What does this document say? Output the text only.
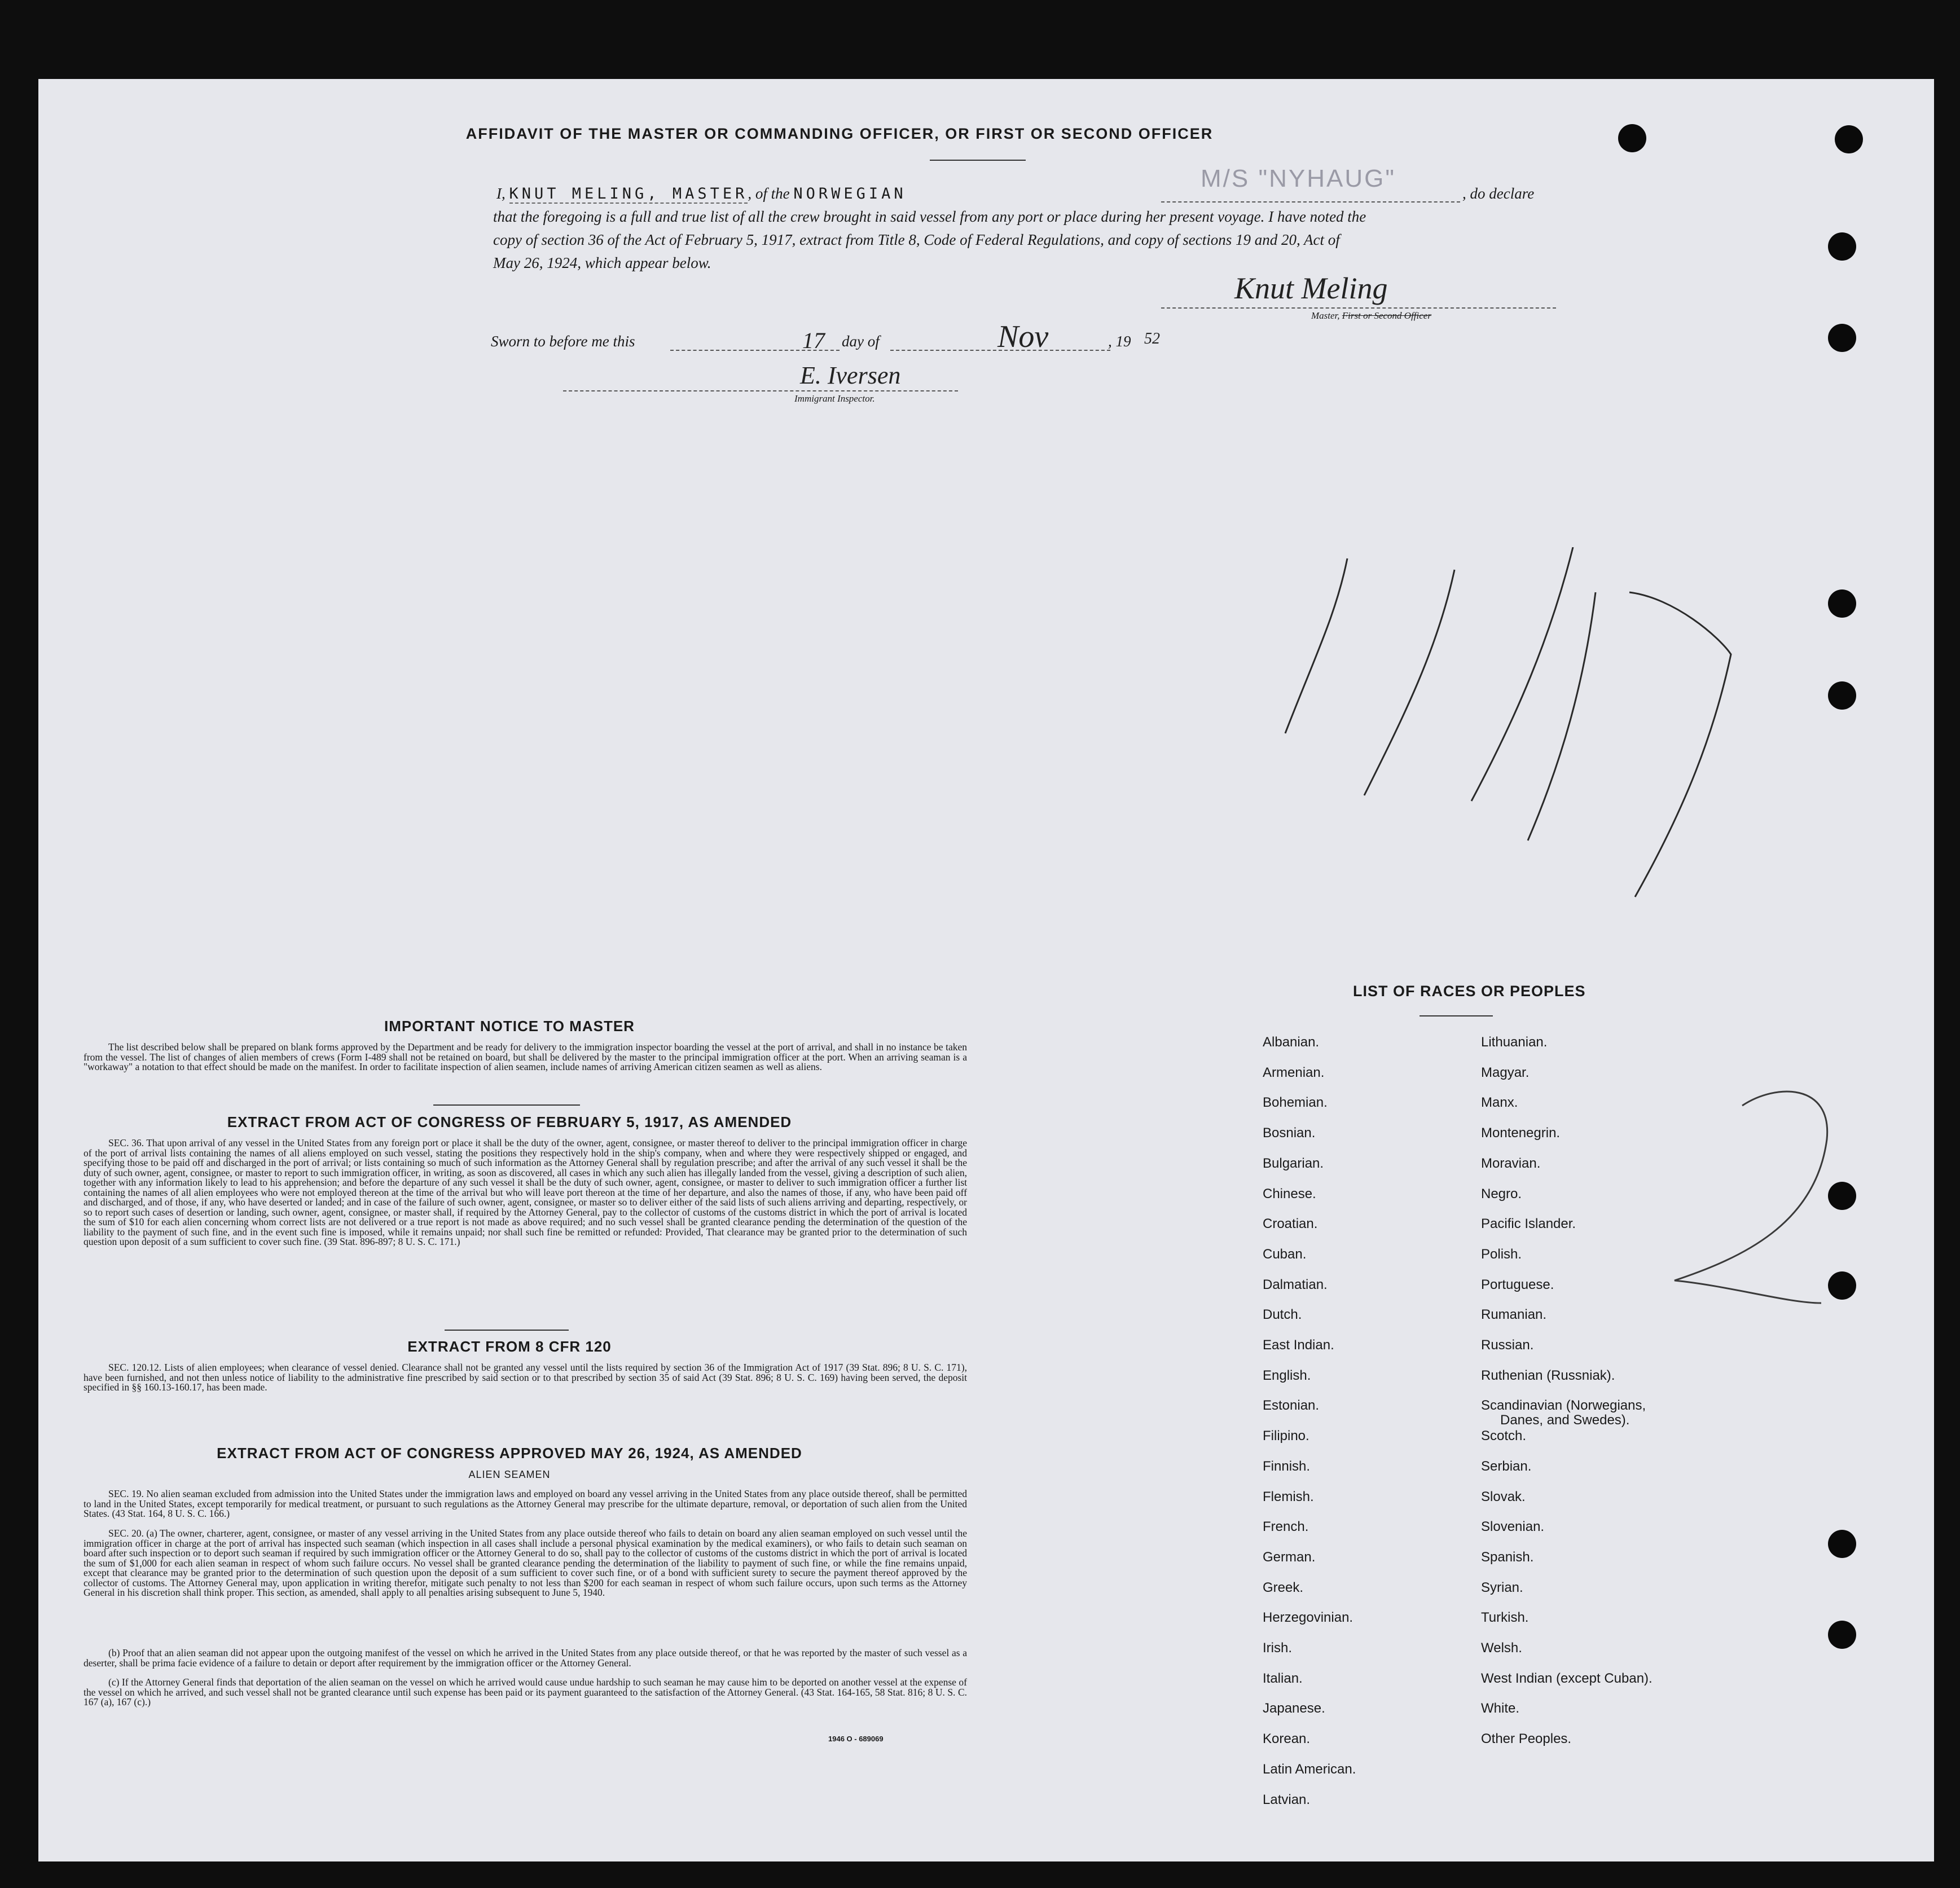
AFFIDAVIT OF THE MASTER OR COMMANDING OFFICER, OR FIRST OR SECOND OFFICER
I, KNUT MELING, MASTER, of the NORWEGIAN
M/S "NYHAUG"
, do declare
that the foregoing is a full and true list of all the crew brought in said vessel from any port or place during her present voyage. I have noted the
copy of section 36 of the Act of February 5, 1917, extract from Title 8, Code of Federal Regulations, and copy of sections 19 and 20, Act of
May 26, 1924, which appear below.
Knut Meling
Master, First or Second Officer
Sworn to before me this	17 day of	Nov	, 19 52
E. Iversen
Immigrant Inspector.
2
IMPORTANT NOTICE TO MASTER
The list described below shall be prepared on blank forms approved by the Department and be ready for delivery to the immigration inspector boarding the vessel at the port of arrival, and shall in no instance be taken from the vessel. The list of changes of alien members of crews (Form I-489 shall not be retained on board, but shall be delivered by the master to the principal immigration officer at the port. When an arriving seaman is a "workaway" a notation to that effect should be made on the manifest. In order to facilitate inspection of alien seamen, include names of arriving American citizen seamen as well as aliens.
EXTRACT FROM ACT OF CONGRESS OF FEBRUARY 5, 1917, AS AMENDED
SEC. 36. That upon arrival of any vessel in the United States from any foreign port or place it shall be the duty of the owner, agent, consignee, or master thereof to deliver to the principal immigration officer in charge of the port of arrival lists containing the names of all aliens employed on such vessel, stating the positions they respectively hold in the ship's company, when and where they were respectively shipped or engaged, and specifying those to be paid off and discharged in the port of arrival; or lists containing so much of such information as the Attorney General shall by regulation prescribe; and after the arrival of any such vessel it shall be the duty of such owner, agent, consignee, or master to report to such immigration officer, in writing, as soon as discovered, all cases in which any such alien has illegally landed from the vessel, giving a description of such alien, together with any information likely to lead to his apprehension; and before the departure of any such vessel it shall be the duty of such owner, agent, consignee, or master to deliver to such immigration officer a further list containing the names of all alien employees who were not employed thereon at the time of the arrival but who will leave port thereon at the time of her departure, and also the names of those, if any, who have been paid off and discharged, and of those, if any, who have deserted or landed; and in case of the failure of such owner, agent, consignee, or master so to deliver either of the said lists of such aliens arriving and departing, respectively, or so to report such cases of desertion or landing, such owner, agent, consignee, or master shall, if required by the Attorney General, pay to the collector of customs of the customs district in which the port of arrival is located the sum of $10 for each alien concerning whom correct lists are not delivered or a true report is not made as above required; and no such vessel shall be granted clearance pending the determination of the question of the liability to the payment of such fine, and in the event such fine is imposed, while it remains unpaid; nor shall such fine be remitted or refunded: Provided, That clearance may be granted prior to the determination of such question upon deposit of a sum sufficient to cover such fine. (39 Stat. 896-897; 8 U. S. C. 171.)
EXTRACT FROM 8 CFR 120
SEC. 120.12. Lists of alien employees; when clearance of vessel denied. Clearance shall not be granted any vessel until the lists required by section 36 of the Immigration Act of 1917 (39 Stat. 896; 8 U. S. C. 171), have been furnished, and not then unless notice of liability to the administrative fine prescribed by said section or to that prescribed by section 35 of said Act (39 Stat. 896; 8 U. S. C. 169) having been served, the deposit specified in §§ 160.13-160.17, has been made.
EXTRACT FROM ACT OF CONGRESS APPROVED MAY 26, 1924, AS AMENDED
ALIEN SEAMEN
SEC. 19. No alien seaman excluded from admission into the United States under the immigration laws and employed on board any vessel arriving in the United States from any place outside thereof, shall be permitted to land in the United States, except temporarily for medical treatment, or pursuant to such regulations as the Attorney General may prescribe for the ultimate departure, removal, or deportation of such alien from the United States. (43 Stat. 164, 8 U. S. C. 166.)
SEC. 20. (a) The owner, charterer, agent, consignee, or master of any vessel arriving in the United States from any place outside thereof who fails to detain on board any alien seaman employed on such vessel until the immigration officer in charge at the port of arrival has inspected such seaman (which inspection in all cases shall include a personal physical examination by the medical examiners), or who fails to detain such seaman on board after such inspection or to deport such seaman if required by such immigration officer or the Attorney General to do so, shall pay to the collector of customs of the customs district in which the port of arrival is located the sum of $1,000 for each alien seaman in respect of whom such failure occurs. No vessel shall be granted clearance pending the determination of the liability to payment of such fine, or while the fine remains unpaid, except that clearance may be granted prior to the determination of such question upon the deposit of a sum sufficient to cover such fine, or of a bond with sufficient surety to secure the payment thereof approved by the collector of customs. The Attorney General may, upon application in writing therefor, mitigate such penalty to not less than $200 for each seaman in respect of whom such failure occurs, upon such terms as the Attorney General in his discretion shall think proper. This section, as amended, shall apply to all penalties arising subsequent to June 5, 1940.
(b) Proof that an alien seaman did not appear upon the outgoing manifest of the vessel on which he arrived in the United States from any place outside thereof, or that he was reported by the master of such vessel as a deserter, shall be prima facie evidence of a failure to detain or deport after requirement by the immigration officer or the Attorney General.
(c) If the Attorney General finds that deportation of the alien seaman on the vessel on which he arrived would cause undue hardship to such seaman he may cause him to be deported on another vessel at the expense of the vessel on which he arrived, and such vessel shall not be granted clearance until such expense has been paid or its payment guaranteed to the satisfaction of the Attorney General. (43 Stat. 164-165, 58 Stat. 816; 8 U. S. C. 167 (a), 167 (c).)
1946 O - 689069
LIST OF RACES OR PEOPLES
Albanian.
Armenian.
Bohemian.
Bosnian.
Bulgarian.
Chinese.
Croatian.
Cuban.
Dalmatian.
Dutch.
East Indian.
English.
Estonian.
Filipino.
Finnish.
Flemish.
French.
German.
Greek.
Herzegovinian.
Irish.
Italian.
Japanese.
Korean.
Latin American.
Latvian.
Lithuanian.
Magyar.
Manx.
Montenegrin.
Moravian.
Negro.
Pacific Islander.
Polish.
Portuguese.
Rumanian.
Russian.
Ruthenian (Russniak).
Scandinavian (Norwegians,
Danes, and Swedes).
Scotch.
Serbian.
Slovak.
Slovenian.
Spanish.
Syrian.
Turkish.
Welsh.
West Indian (except Cuban).
White.
Other Peoples.
